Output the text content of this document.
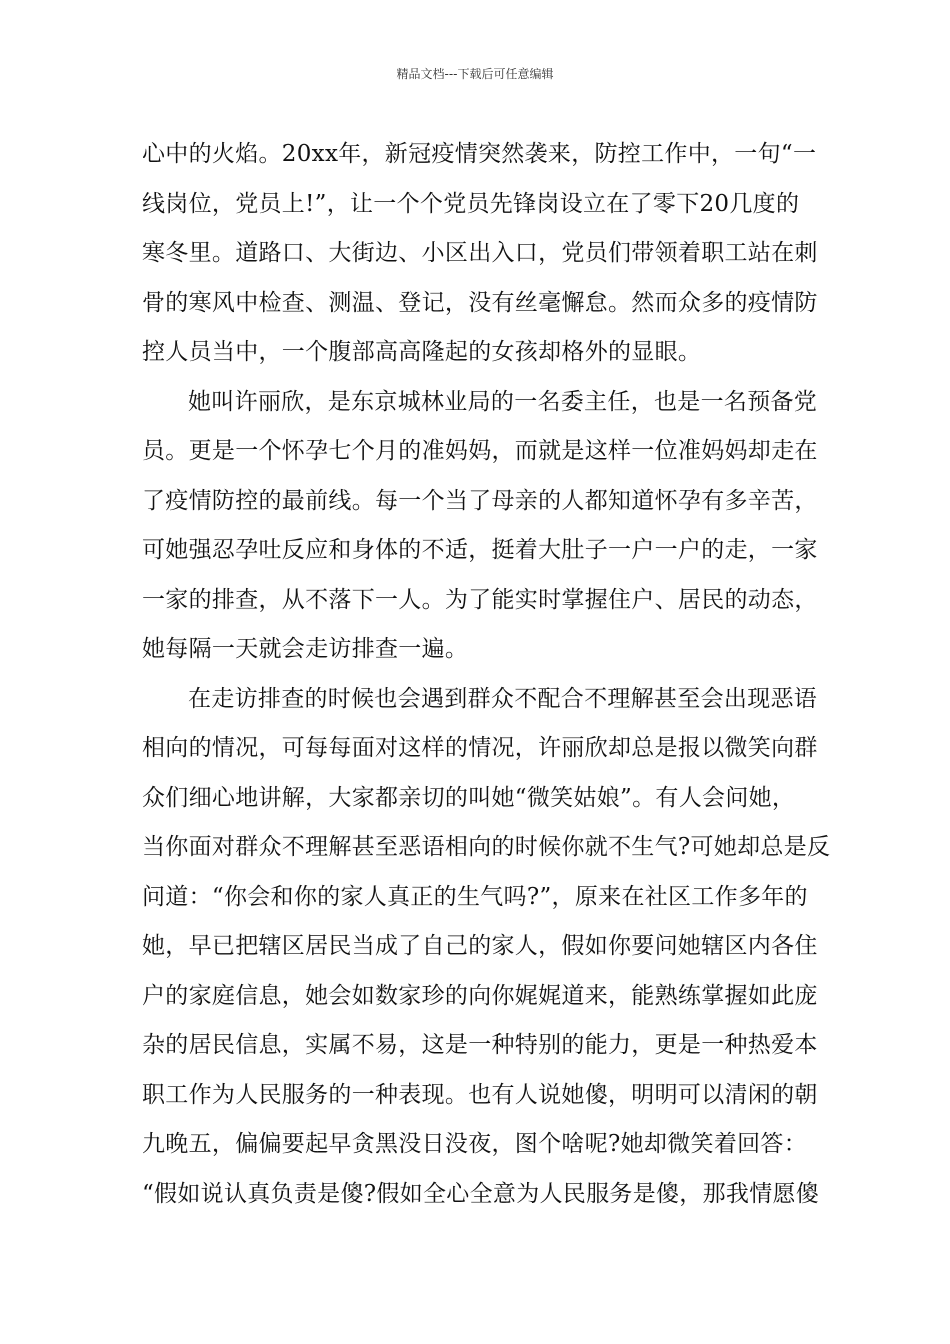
精品文档---下载后可任意编辑
心中的火焰。20xx年，新冠疫情突然袭来，防控工作中，一句“一
线岗位，党员上!”，让一个个党员先锋岗设立在了零下20几度的
寒冬里。道路口、大街边、小区出入口，党员们带领着职工站在刺
骨的寒风中检查、测温、登记，没有丝毫懈怠。然而众多的疫情防
控人员当中，一个腹部高高隆起的女孩却格外的显眼。
她叫许丽欣，是东京城林业局的一名委主任，也是一名预备党
员。更是一个怀孕七个月的准妈妈，而就是这样一位准妈妈却走在
了疫情防控的最前线。每一个当了母亲的人都知道怀孕有多辛苦，
可她强忍孕吐反应和身体的不适，挺着大肚子一户一户的走，一家
一家的排查，从不落下一人。为了能实时掌握住户、居民的动态，
她每隔一天就会走访排查一遍。
在走访排查的时候也会遇到群众不配合不理解甚至会出现恶语
相向的情况，可每每面对这样的情况，许丽欣却总是报以微笑向群
众们细心地讲解，大家都亲切的叫她“微笑姑娘”。有人会问她，
当你面对群众不理解甚至恶语相向的时候你就不生气?可她却总是反
问道：“你会和你的家人真正的生气吗?”，原来在社区工作多年的
她，早已把辖区居民当成了自己的家人，假如你要问她辖区内各住
户的家庭信息，她会如数家珍的向你娓娓道来，能熟练掌握如此庞
杂的居民信息，实属不易，这是一种特别的能力，更是一种热爱本
职工作为人民服务的一种表现。也有人说她傻，明明可以清闲的朝
九晚五，偏偏要起早贪黑没日没夜，图个啥呢?她却微笑着回答：
“假如说认真负责是傻?假如全心全意为人民服务是傻，那我情愿傻
